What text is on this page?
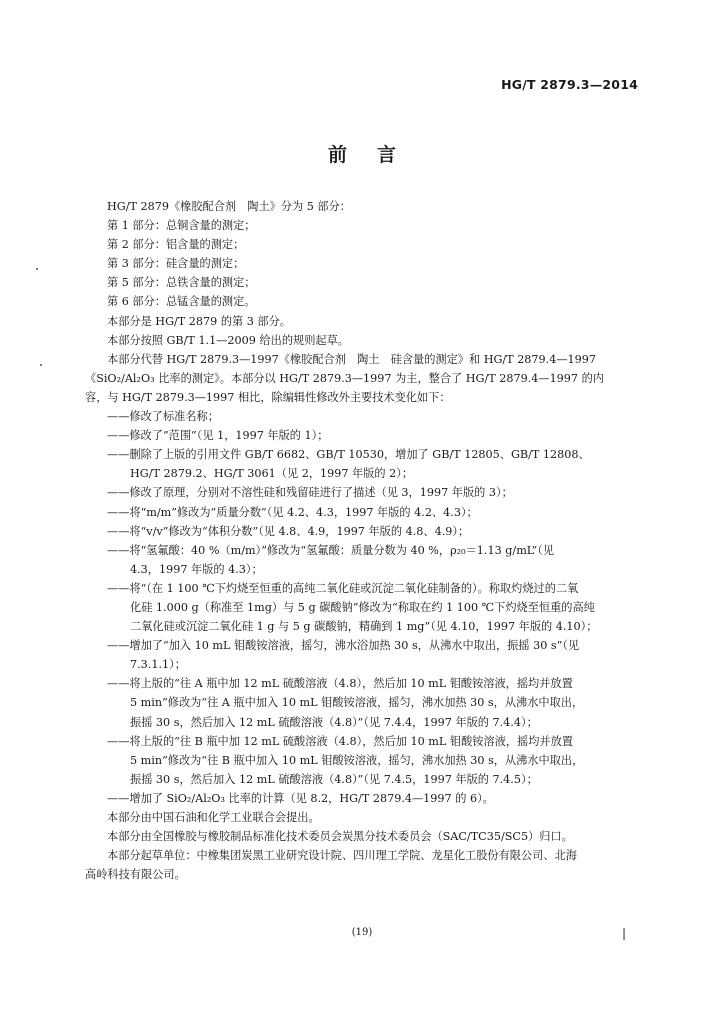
HG/T 2879.3—2014
前言
HG/T 2879《橡胶配合剂　陶土》分为 5 部分：
第 1 部分：总铜含量的测定；
第 2 部分：铝含量的测定；
第 3 部分：硅含量的测定；
第 5 部分：总铁含量的测定；
第 6 部分：总锰含量的测定。
本部分是 HG/T 2879 的第 3 部分。
本部分按照 GB/T 1.1—2009 给出的规则起草。
本部分代替 HG/T 2879.3—1997《橡胶配合剂　陶土　硅含量的测定》和 HG/T 2879.4—1997
《SiO₂/Al₂O₃ 比率的测定》。本部分以 HG/T 2879.3—1997 为主，整合了 HG/T 2879.4—1997 的内
容，与 HG/T 2879.3—1997 相比，除编辑性修改外主要技术变化如下：
——修改了标准名称；
——修改了“范围”（见 1，1997 年版的 1）；
——删除了上版的引用文件 GB/T 6682、GB/T 10530，增加了 GB/T 12805、GB/T 12808、
HG/T 2879.2、HG/T 3061（见 2，1997 年版的 2）；
——修改了原理，分别对不溶性硅和残留硅进行了描述（见 3，1997 年版的 3）；
——将“m/m”修改为“质量分数”（见 4.2、4.3，1997 年版的 4.2、4.3）；
——将“v/v”修改为“体积分数”（见 4.8、4.9，1997 年版的 4.8、4.9）；
——将“氢氟酸：40 %（m/m）”修改为“氢氟酸：质量分数为 40 %，ρ₂₀＝1.13 g/mL”（见
4.3，1997 年版的 4.3）；
——将“（在 1 100 ℃下灼烧至恒重的高纯二氧化硅或沉淀二氧化硅制备的）。称取灼烧过的二氧
化硅 1.000 g（称准至 1mg）与 5 g 碳酸钠”修改为“称取在约 1 100 ℃下灼烧至恒重的高纯
二氧化硅或沉淀二氧化硅 1 g 与 5 g 碳酸钠，精确到 1 mg”（见 4.10，1997 年版的 4.10）；
——增加了“加入 10 mL 钼酸铵溶液，摇匀，沸水浴加热 30 s，从沸水中取出，振摇 30 s”（见
7.3.1.1）；
——将上版的“往 A 瓶中加 12 mL 硫酸溶液（4.8），然后加 10 mL 钼酸铵溶液，摇均并放置
5 min”修改为“往 A 瓶中加入 10 mL 钼酸铵溶液，摇匀，沸水加热 30 s，从沸水中取出，
振摇 30 s，然后加入 12 mL 硫酸溶液（4.8）”（见 7.4.4，1997 年版的 7.4.4）；
——将上版的“往 B 瓶中加 12 mL 硫酸溶液（4.8），然后加 10 mL 钼酸铵溶液，摇均并放置
5 min”修改为“往 B 瓶中加入 10 mL 钼酸铵溶液，摇匀，沸水加热 30 s，从沸水中取出，
振摇 30 s，然后加入 12 mL 硫酸溶液（4.8）”（见 7.4.5，1997 年版的 7.4.5）；
——增加了 SiO₂/Al₂O₃ 比率的计算（见 8.2，HG/T 2879.4—1997 的 6）。
本部分由中国石油和化学工业联合会提出。
本部分由全国橡胶与橡胶制品标准化技术委员会炭黑分技术委员会（SAC/TC35/SC5）归口。
本部分起草单位：中橡集团炭黑工业研究设计院、四川理工学院、龙星化工股份有限公司、北海
高岭科技有限公司。
(19)	|
